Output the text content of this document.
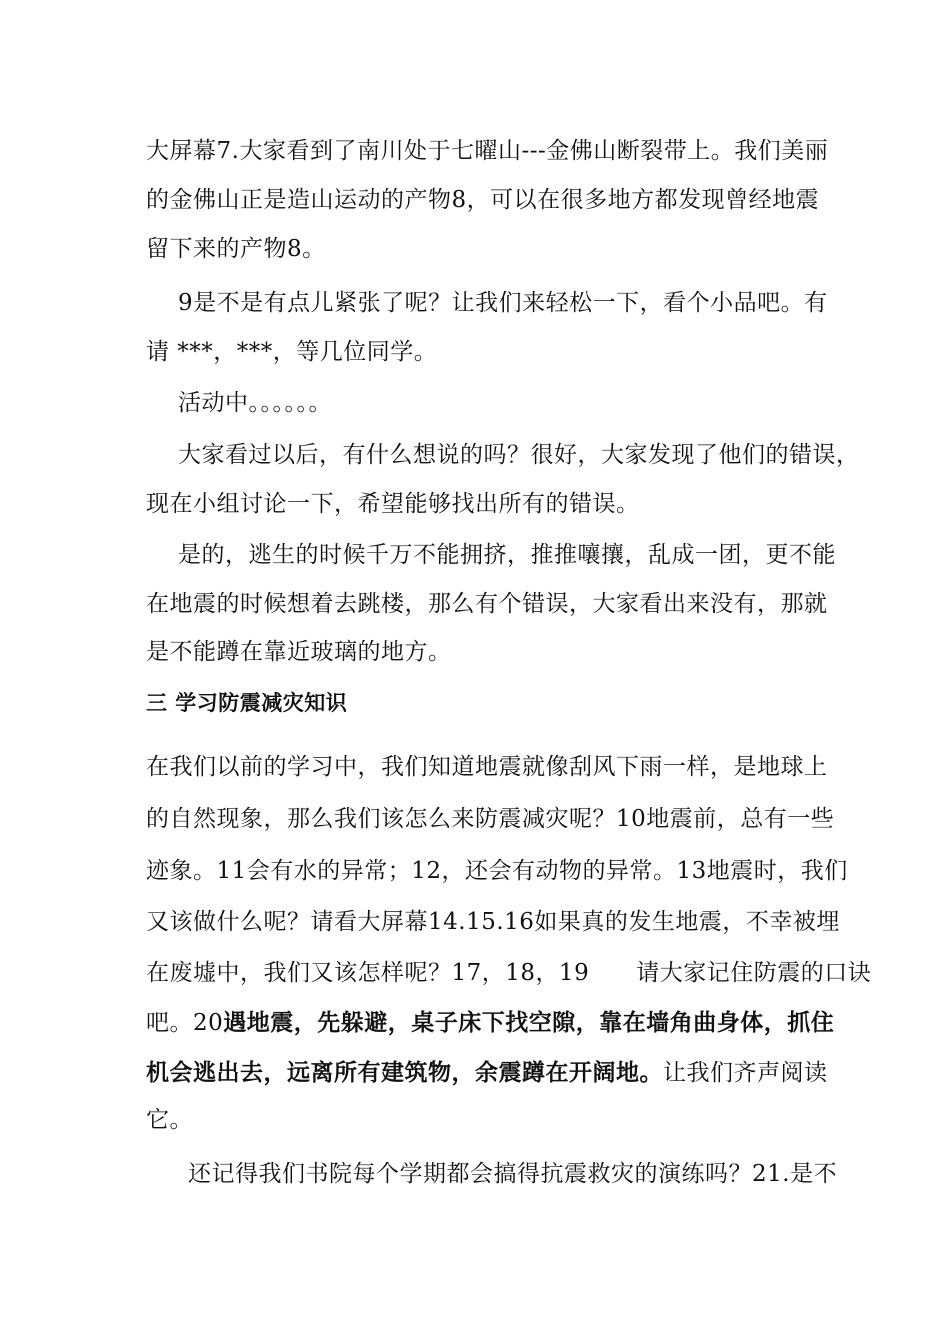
大屏幕7.大家看到了南川处于七曜山---金佛山断裂带上。我们美丽
的金佛山正是造山运动的产物8，可以在很多地方都发现曾经地震
留下来的产物8。
9是不是有点儿紧张了呢？让我们来轻松一下，看个小品吧。有
请 ***，***，等几位同学。
活动中。。。。。。
大家看过以后，有什么想说的吗？很好，大家发现了他们的错误，
现在小组讨论一下，希望能够找出所有的错误。
是的，逃生的时候千万不能拥挤，推推嚷攘，乱成一团，更不能
在地震的时候想着去跳楼，那么有个错误，大家看出来没有，那就
是不能蹲在靠近玻璃的地方。
三 学习防震减灾知识
在我们以前的学习中，我们知道地震就像刮风下雨一样，是地球上
的自然现象，那么我们该怎么来防震减灾呢？10地震前，总有一些
迹象。11会有水的异常；12，还会有动物的异常。13地震时，我们
又该做什么呢？请看大屏幕14.15.16如果真的发生地震，不幸被埋
在废墟中，我们又该怎样呢？17，18，19　　请大家记住防震的口诀
吧。20遇地震，先躲避，桌子床下找空隙，靠在墙角曲身体，抓住
机会逃出去，远离所有建筑物，余震蹲在开阔地。让我们齐声阅读
它。
还记得我们书院每个学期都会搞得抗震救灾的演练吗？21.是不
